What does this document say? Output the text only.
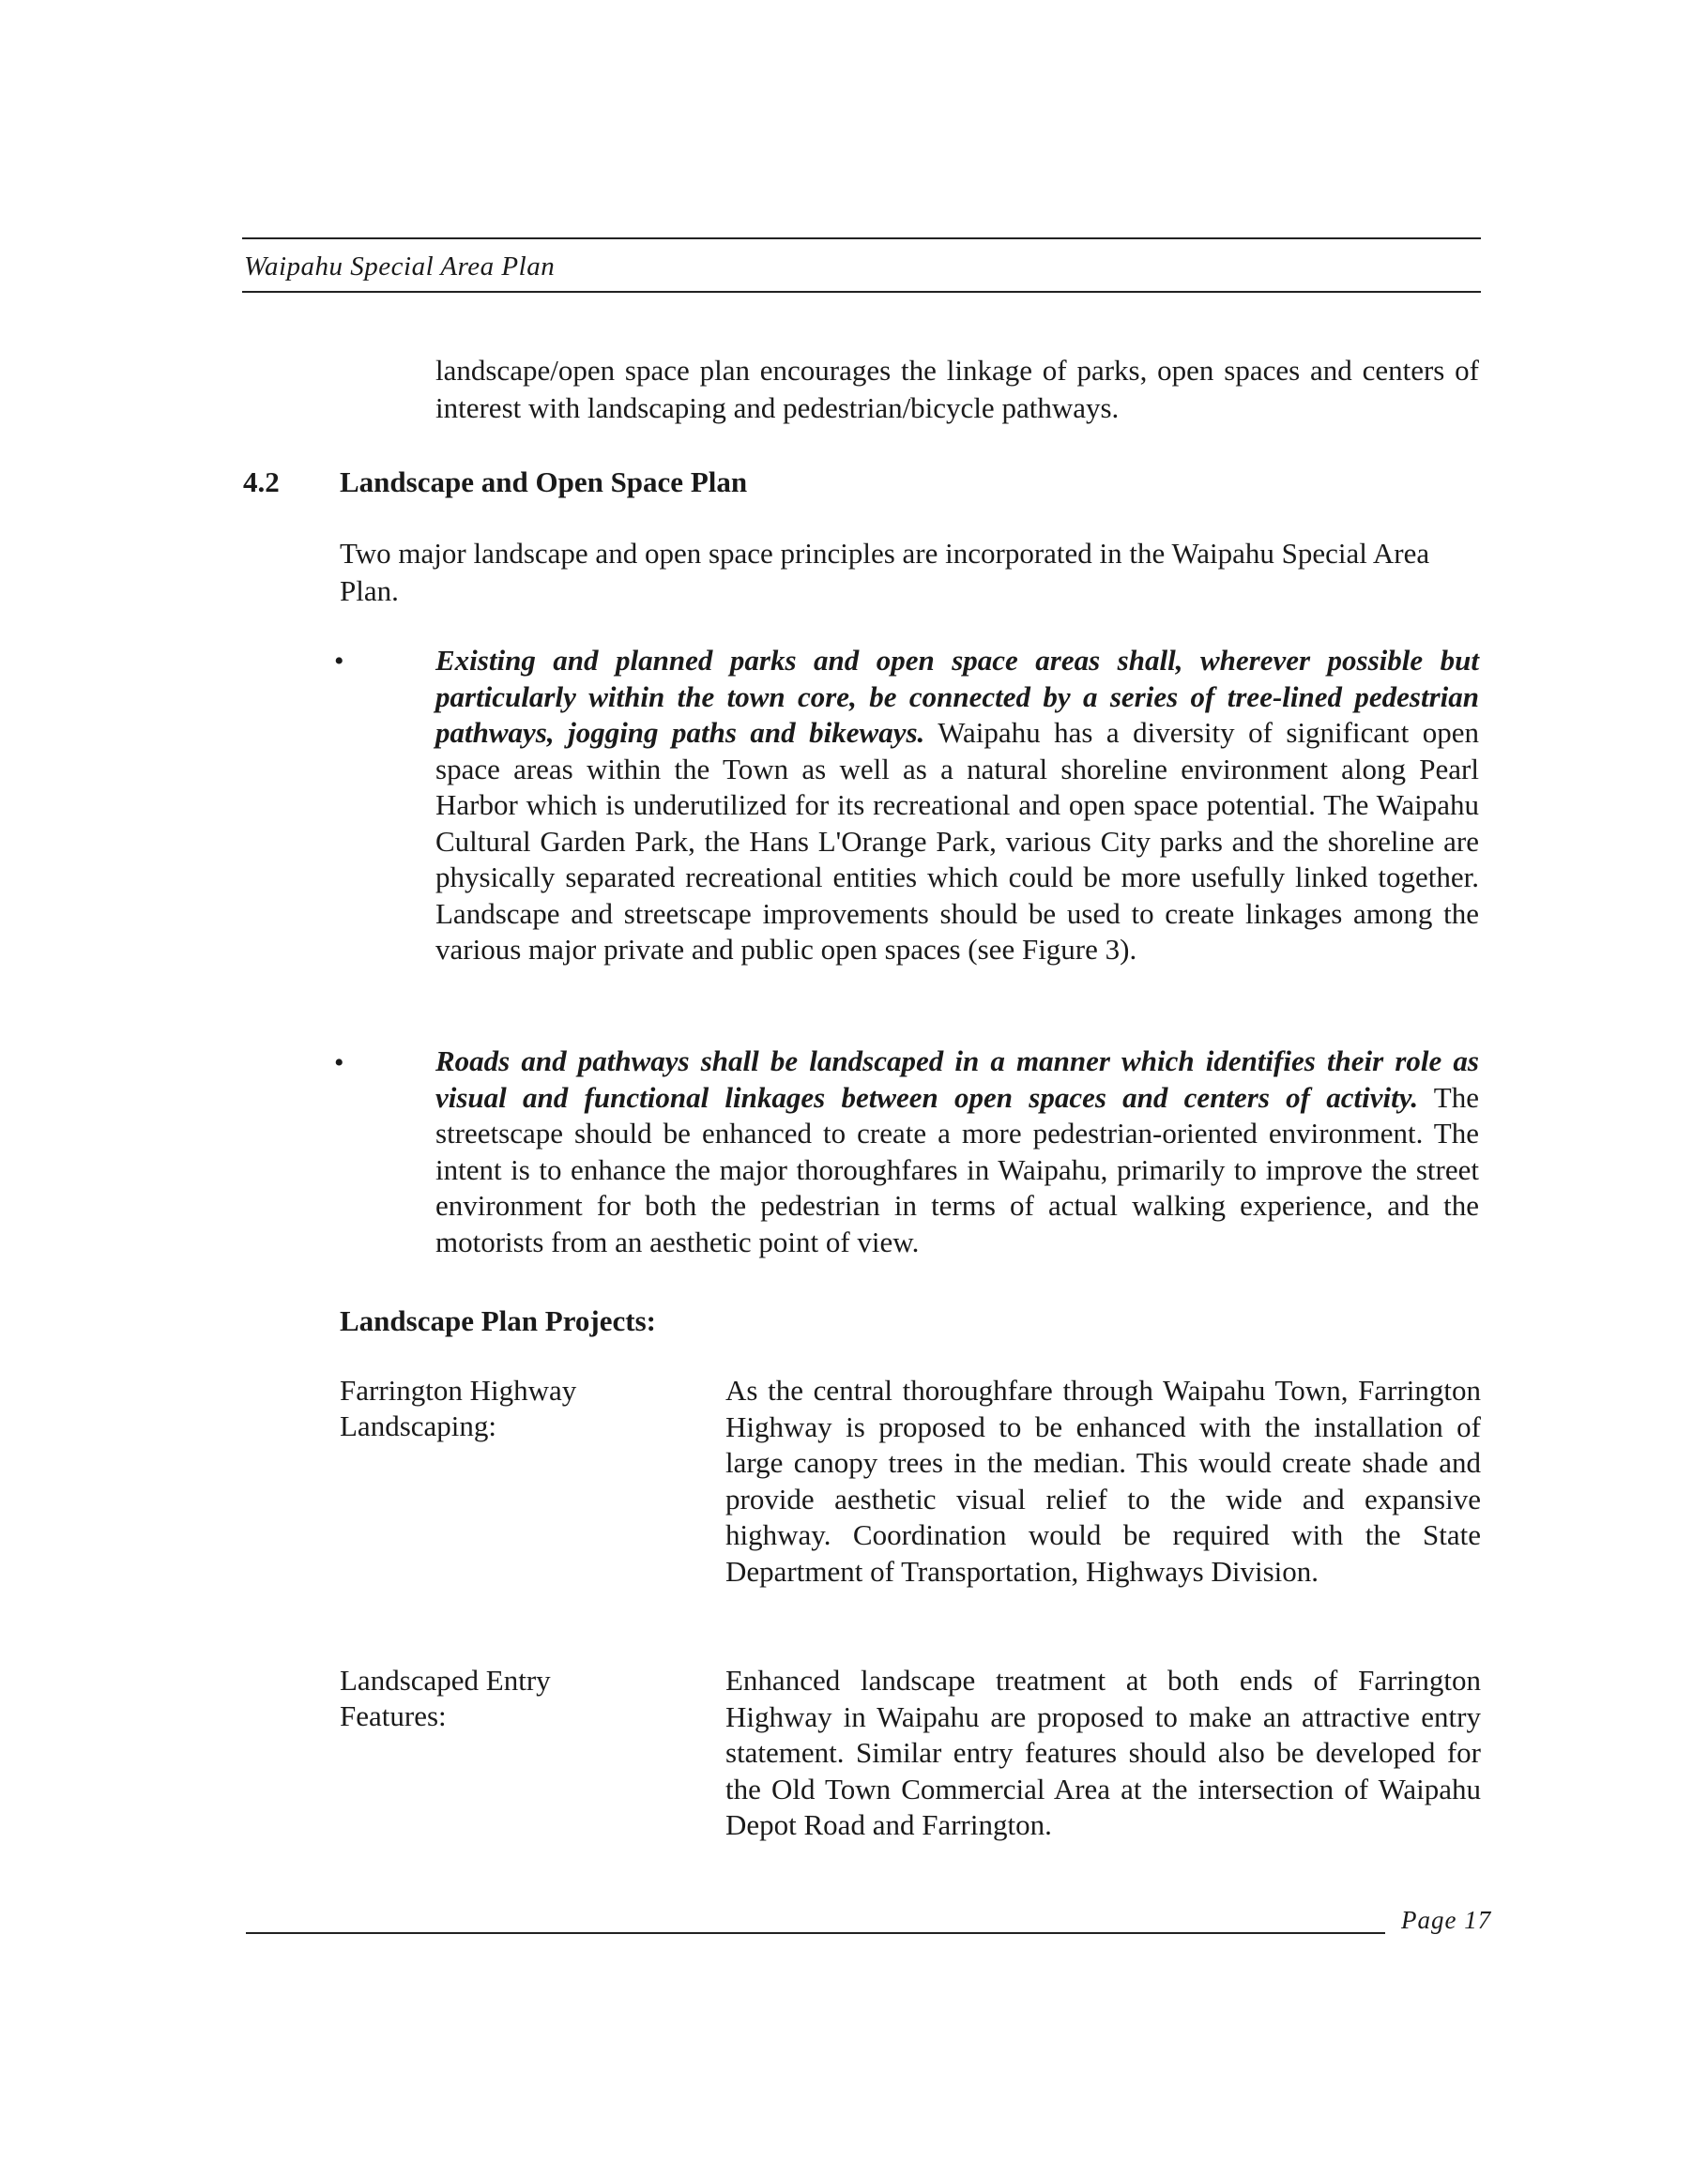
Waipahu Special Area Plan

landscape/open space plan encourages the linkage of parks, open spaces and centers of interest with landscaping and pedestrian/bicycle pathways.

4.2 Landscape and Open Space Plan

Two major landscape and open space principles are incorporated in the Waipahu Special Area Plan.

•	Existing and planned parks and open space areas shall, wherever possible but particularly within the town core, be connected by a series of tree-lined pedestrian pathways, jogging paths and bikeways. Waipahu has a diversity of significant open space areas within the Town as well as a natural shoreline environment along Pearl Harbor which is underutilized for its recreational and open space potential. The Waipahu Cultural Garden Park, the Hans L'Orange Park, various City parks and the shoreline are physically separated recreational entities which could be more usefully linked together. Landscape and streetscape improvements should be used to create linkages among the various major private and public open spaces (see Figure 3).

•	Roads and pathways shall be landscaped in a manner which identifies their role as visual and functional linkages between open spaces and centers of activity. The streetscape should be enhanced to create a more pedestrian-oriented environment. The intent is to enhance the major thoroughfares in Waipahu, primarily to improve the street environment for both the pedestrian in terms of actual walking experience, and the motorists from an aesthetic point of view.

Landscape Plan Projects:
Farrington Highway Landscaping:

As the central thoroughfare through Waipahu Town, Farrington Highway is proposed to be enhanced with the installation of large canopy trees in the median. This would create shade and provide aesthetic visual relief to the wide and expansive highway. Coordination would be required with the State Department of Transportation, Highways Division.

Landscaped Entry Features:

Enhanced landscape treatment at both ends of Farrington Highway in Waipahu are proposed to make an attractive entry statement. Similar entry features should also be developed for the Old Town Commercial Area at the intersection of Waipahu Depot Road and Farrington.

Page 17
